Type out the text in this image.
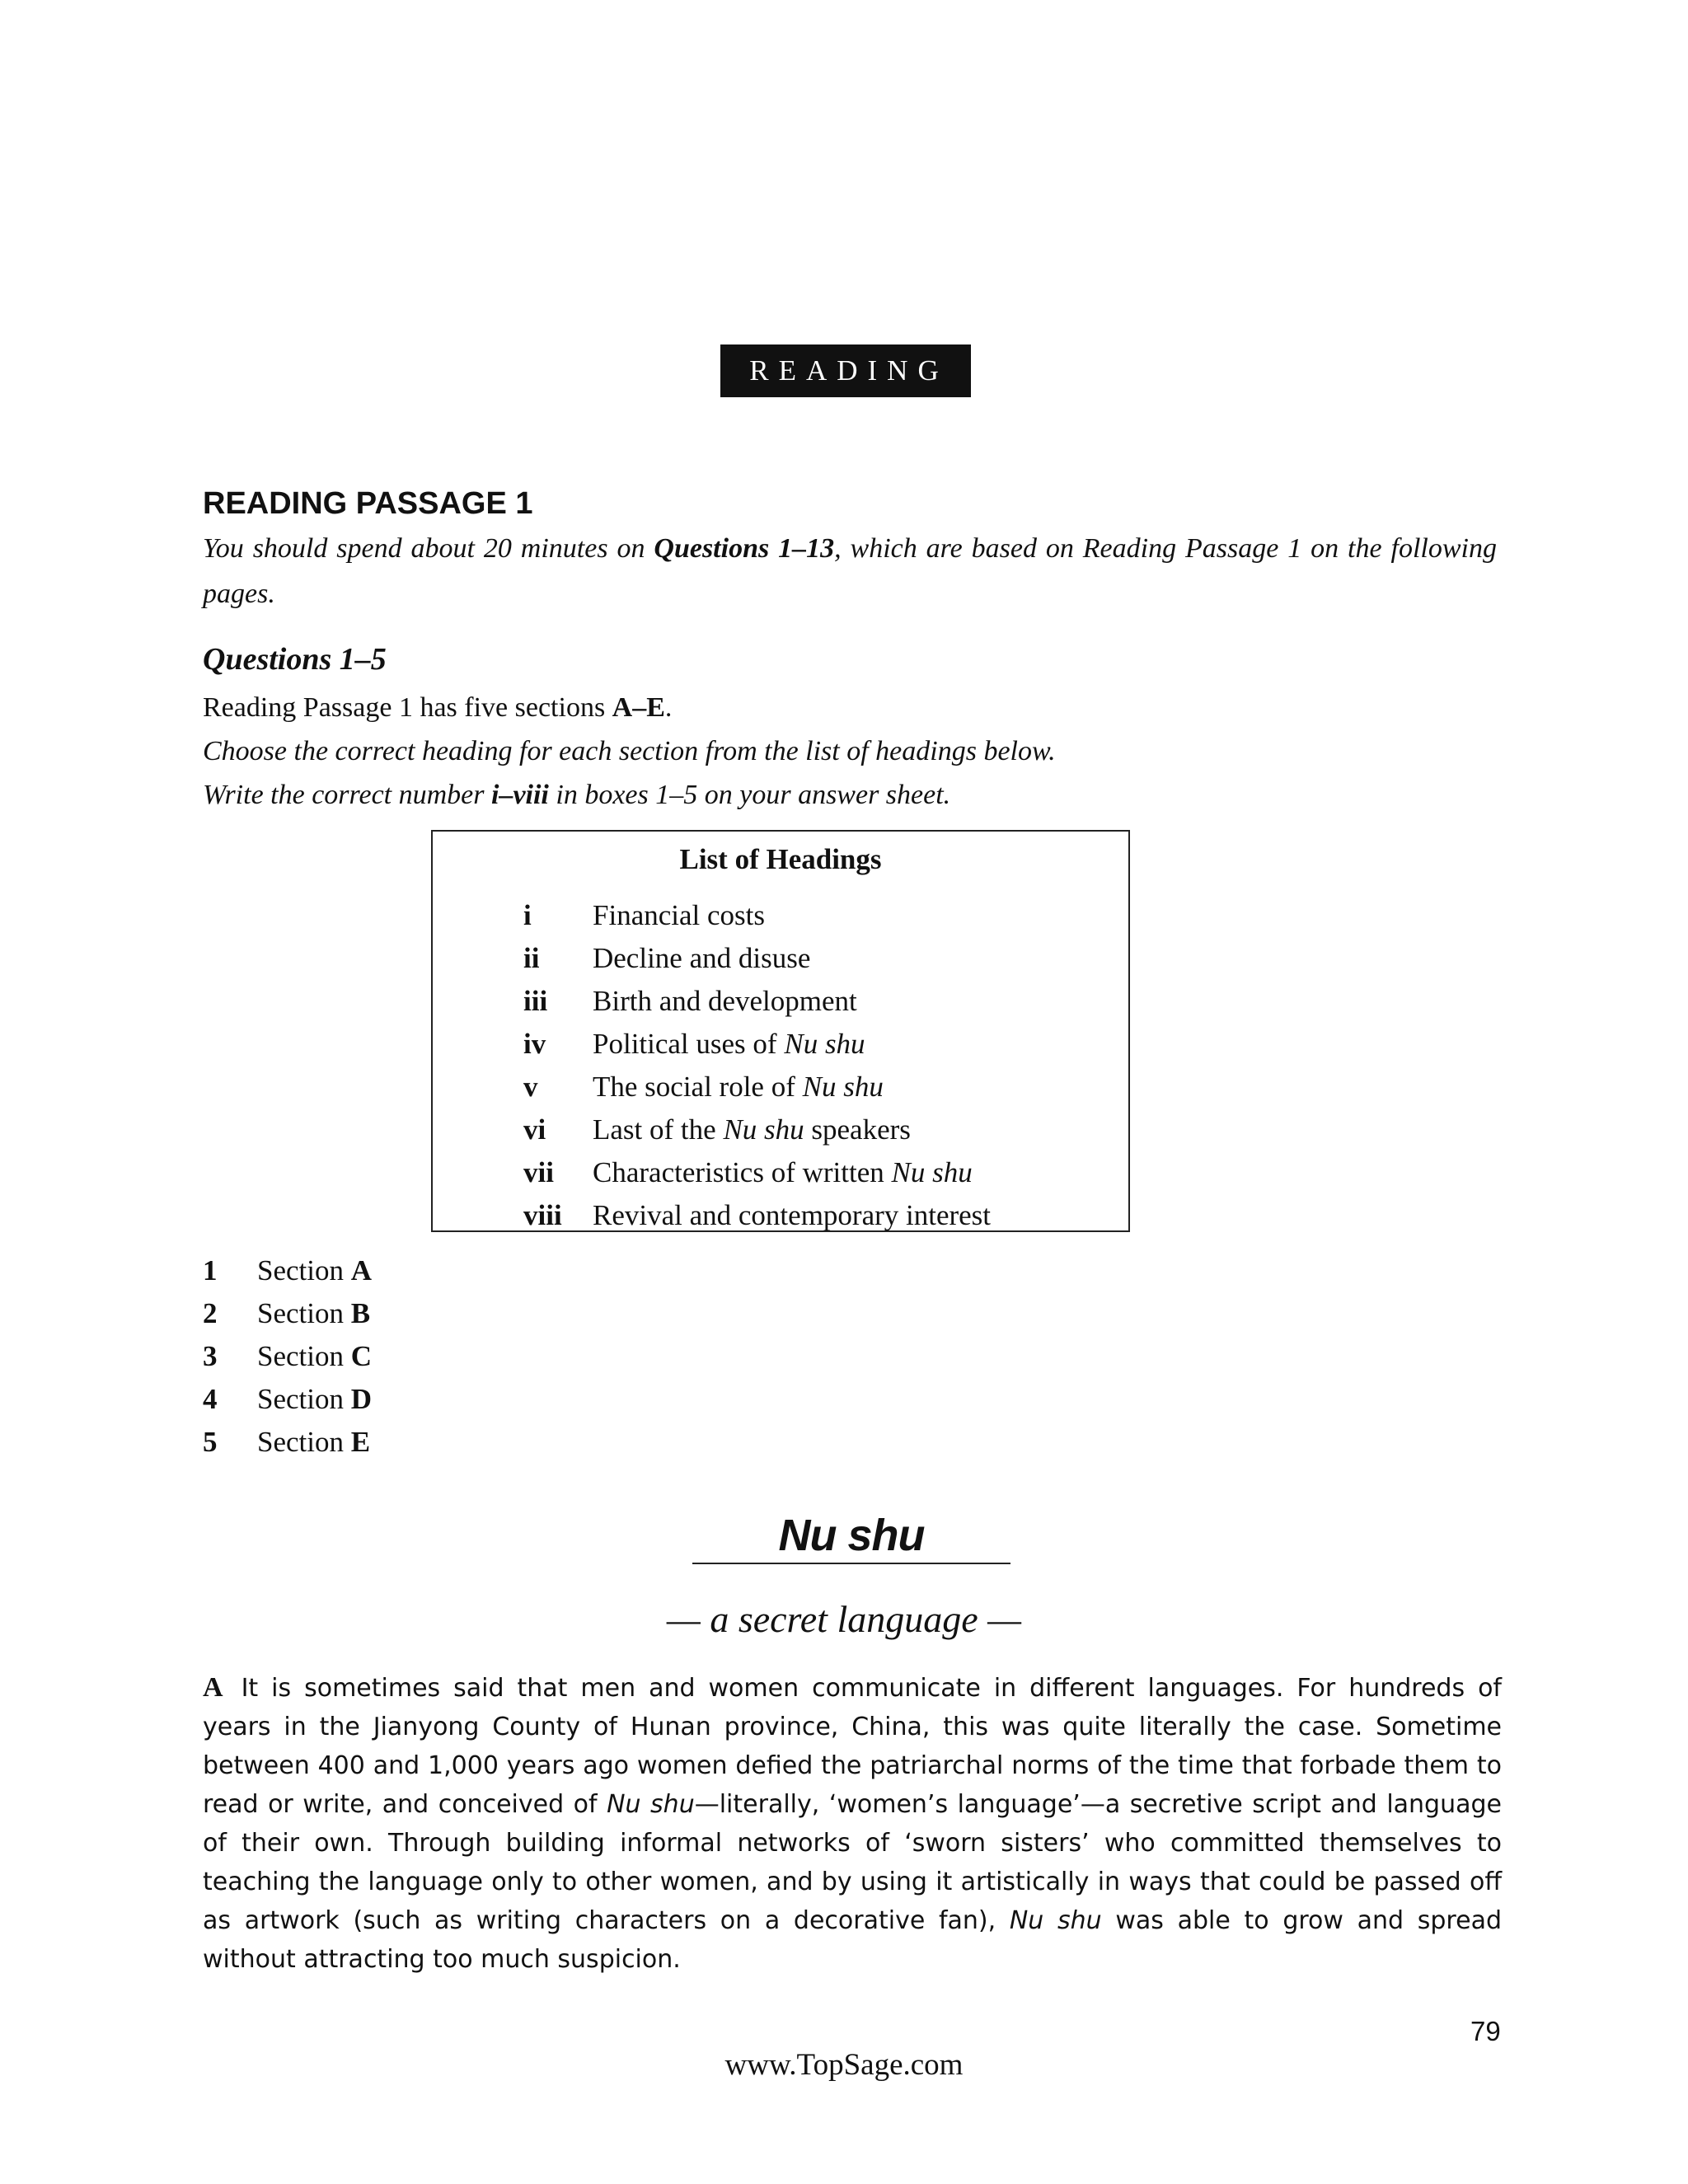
READING
READING PASSAGE 1
You should spend about 20 minutes on Questions 1–13, which are based on Reading Passage 1 on the following pages.
Questions 1–5
Reading Passage 1 has five sections A–E.
Choose the correct heading for each section from the list of headings below.
Write the correct number i–viii in boxes 1–5 on your answer sheet.
List of Headings
i Financial costs
ii Decline and disuse
iii Birth and development
iv Political uses of Nu shu
v The social role of Nu shu
vi Last of the Nu shu speakers
vii Characteristics of written Nu shu
viii Revival and contemporary interest
1 Section A
2 Section B
3 Section C
4 Section D
5 Section E
Nu shu
— a secret language —
A It is sometimes said that men and women communicate in different languages. For hundreds of years in the Jianyong County of Hunan province, China, this was quite literally the case. Sometime between 400 and 1,000 years ago women defied the patriarchal norms of the time that forbade them to read or write, and conceived of Nu shu—literally, ‘women’s language’—a secretive script and language of their own. Through building informal networks of ‘sworn sisters’ who committed themselves to teaching the language only to other women, and by using it artistically in ways that could be passed off as artwork (such as writing characters on a decorative fan), Nu shu was able to grow and spread without attracting too much suspicion.
79
www.TopSage.com
